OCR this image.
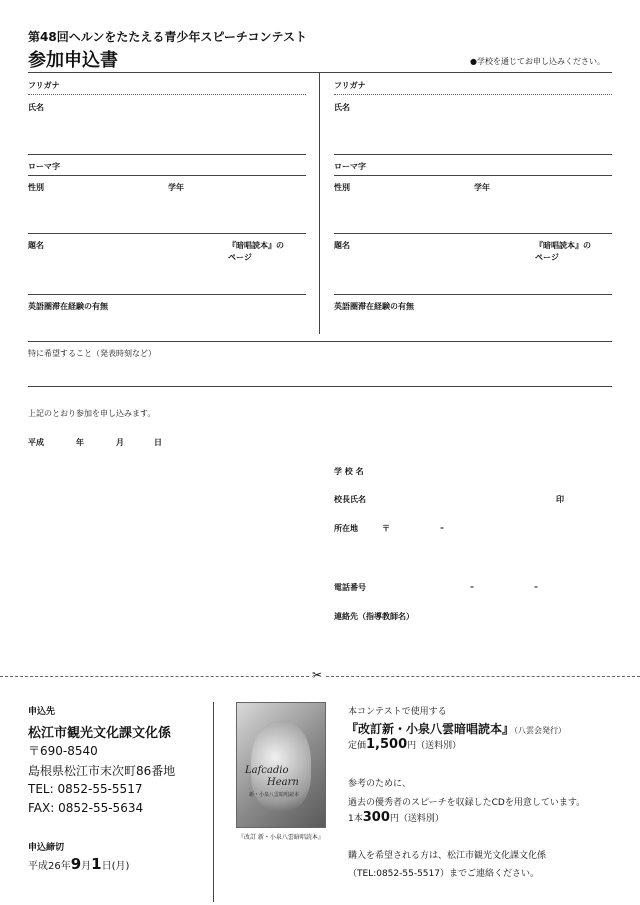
第48回ヘルンをたたえる青少年スピーチコンテスト
参加申込書	●学校を通じてお申し込みください。
フリガナ
氏名
ローマ字
性別	学年
題名	『暗唱読本』の
ページ
英語圏滞在経験の有無
フリガナ
氏名
ローマ字
性別	学年
題名	『暗唱読本』の
ページ
英語圏滞在経験の有無
特に希望すること（発表時刻など）
上記のとおり参加を申し込みます。
平成	年	月	日
学 校 名
校長氏名	印
所在地	〒	–
電話番号	–	–
連絡先（指導教師名）
✂
申込先
松江市観光文化課文化係
〒690-8540
島根県松江市末次町86番地
TEL: 0852-55-5517
FAX: 0852-55-5634
申込締切
平成26年9月1日(月)
Lafcadio
Hearn
新・小泉八雲暗唱読本
『改訂 新・小泉八雲暗唱読本』
本コンテストで使用する
『改訂新・小泉八雲暗唱読本』（八雲会発行）
定価1,500円（送料別）
参考のために、
過去の優秀者のスピーチを収録したCDを用意しています。
1本300円（送料別）
購入を希望される方は、松江市観光文化課文化係
（TEL:0852-55-5517）までご連絡ください。
